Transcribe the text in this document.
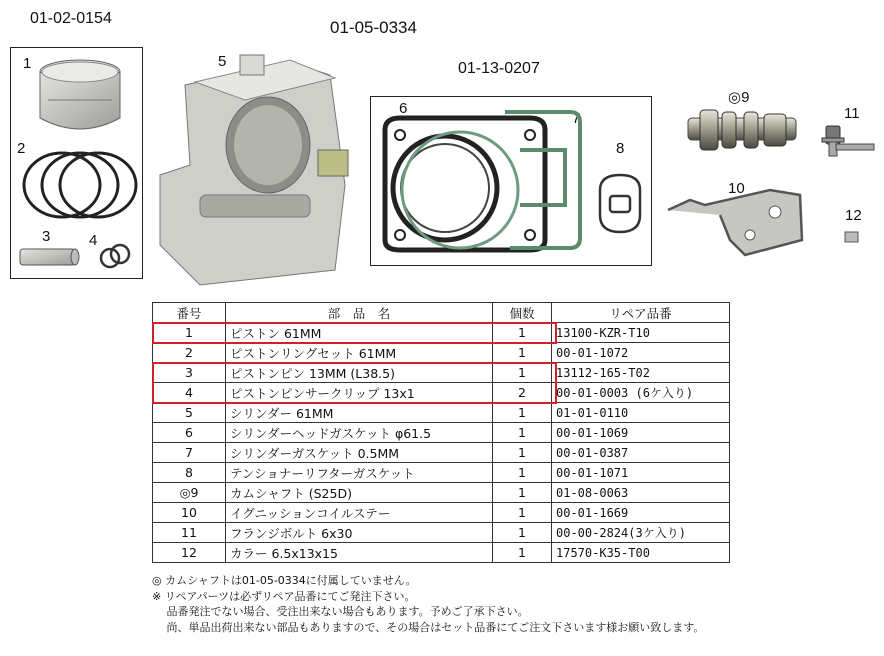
01-02-0154	01-05-0334
01-13-0207
1
2
3	4
5
6
7
8
◎9
10
11
12
番号	部　品　名	個数	リペア品番
1	ピストン 61MM	1	13100-KZR-T10
2	ピストンリングセット 61MM	1	00-01-1072
3	ピストンピン 13MM (L38.5)	1	13112-165-T02
4	ピストンピンサークリップ 13x1	2	00-01-0003 (6ケ入り)
5	シリンダー 61MM	1	01-01-0110
6	シリンダーヘッドガスケット φ61.5	1	00-01-1069
7	シリンダーガスケット 0.5MM	1	00-01-0387
8	テンショナーリフターガスケット	1	00-01-1071
◎9	カムシャフト (S25D)	1	01-08-0063
10	イグニッションコイルステー	1	00-01-1669
11	フランジボルト 6x30	1	00-00-2824(3ケ入り)
12	カラー 6.5x13x15	1	17570-K35-T00
◎ カムシャフトは01-05-0334に付属していません。
※ リペアパーツは必ずリペア品番にてご発注下さい。
　 品番発注でない場合、受注出来ない場合もあります。予めご了承下さい。
　 尚、単品出荷出来ない部品もありますので、その場合はセット品番にてご注文下さいます様お願い致します。
